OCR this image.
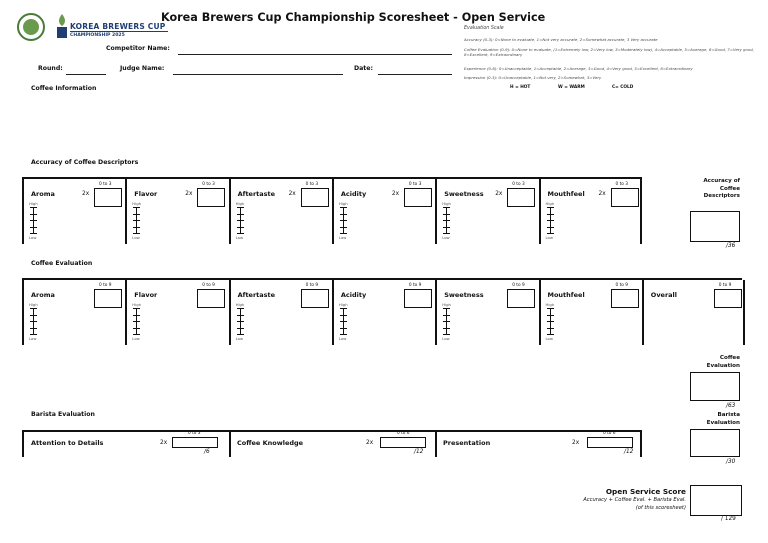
KOREA BREWERS CUP
CHAMPIONSHIP 2025
Korea Brewers Cup Championship Scoresheet - Open Service
Competitor Name:
Round:	Judge Name:	Date:
Evaluation Scale
Accuracy (0-3): 0=None to evaluate, 1=Not very accurate, 2=Somewhat accurate, 3 Very accurate
Coffee Evaluation (0-9): 0=None to evaluate, (1=Extremely low, 2=Very low, 3=Moderately low), 4=Acceptable, 5=Average, 6=Good, 7=Very good, 8=Excellent, 9=Extraordinary
Experience (0-6): 0=Unacceptable, 1=Acceptable, 2=Average, 3=Good, 4=Very good, 5=Excellent, 6=Extraordinary
Impression (0-3): 0=Unacceptable, 1=Not very, 2=Somewhat, 3=Very
H = HOT	W = WARM	C= COLD
Coffee Information
Accuracy of Coffee Descriptors
Coffee Evaluation
Barista Evaluation
Aroma	2x
0 to 3
High
Low
Flavor	2x
0 to 3
High
Low
Aftertaste 2x
0 to 3
High
Low
Acidity	2x
0 to 3
High
Low
Sweetness 2x
0 to 3
High
Low
Mouthfeel 2x
0 to 3
High
Low
Aroma
0 to 9
High
Low
Flavor
0 to 9
High
Low
Aftertaste
0 to 9
High
Low
Acidity
0 to 9
High
Low
Sweetness
0 to 9
High
Low
Mouthfeel
0 to 9
High
Low
Overall
0 to 9
Accuracy of
Coffee
Descriptors
/36
Coffee
Evaluation
/63
Barista
Evaluation
/30
Attention to Details	2x
0 to 3
/6
Coffee Knowledge	2x
0 to 6
/12
Presentation	2x
0 to 6
/12
Open Service Score
Accuracy + Coffee Eval. + Barista Eval.
(of this scoresheet)
/ 129
